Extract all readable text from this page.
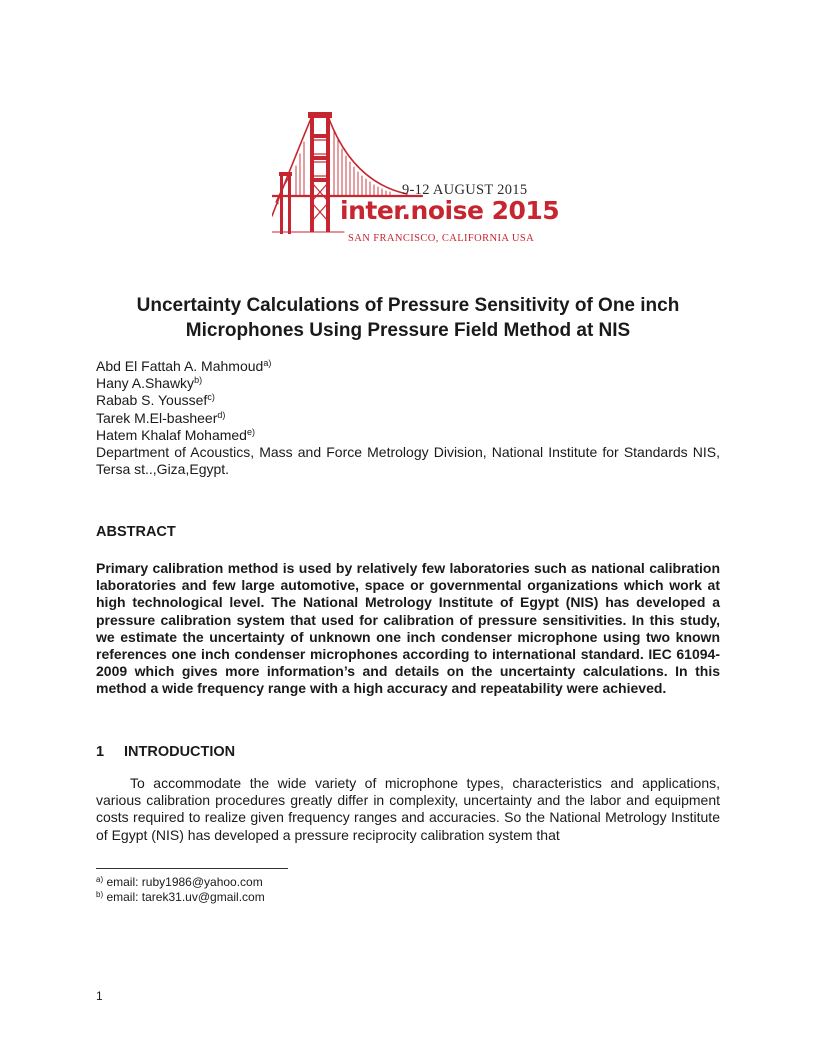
9-12 AUGUST 2015
inter.noise 2015
SAN FRANCISCO, CALIFORNIA USA
Uncertainty Calculations of Pressure Sensitivity of One inch Microphones Using Pressure Field Method at NIS
Abd El Fattah A. Mahmoud$^{a)}$
Hany A.Shawky$^{b)}$
Rabab S. Youssef$^{c)}$
Tarek M.El-basheer$^{d)}$
Hatem Khalaf Mohamed$^{e)}$
Department of Acoustics, Mass and Force Metrology Division, National Institute for Standards NIS, Tersa st..,Giza,Egypt.
ABSTRACT

Primary calibration method is used by relatively few laboratories such as national calibration laboratories and few large automotive, space or governmental organizations which work at high technological level. The National Metrology Institute of Egypt (NIS) has developed a pressure calibration system that used for calibration of pressure sensitivities. In this study, we estimate the uncertainty of unknown one inch condenser microphone using two known references one inch condenser microphones according to international standard. IEC 61094-2009 which gives more information’s and details on the uncertainty calculations. In this method a wide frequency range with a high accuracy and repeatability were achieved.

1 INTRODUCTION

To accommodate the wide variety of microphone types, characteristics and applications, various calibration procedures greatly differ in complexity, uncertainty and the labor and equipment costs required to realize given frequency ranges and accuracies. So the National Metrology Institute of Egypt (NIS) has developed a pressure reciprocity calibration system that

$^{a)}$ email: ruby1986@yahoo.com
$^{b)}$ email: tarek31.uv@gmail.com
1
